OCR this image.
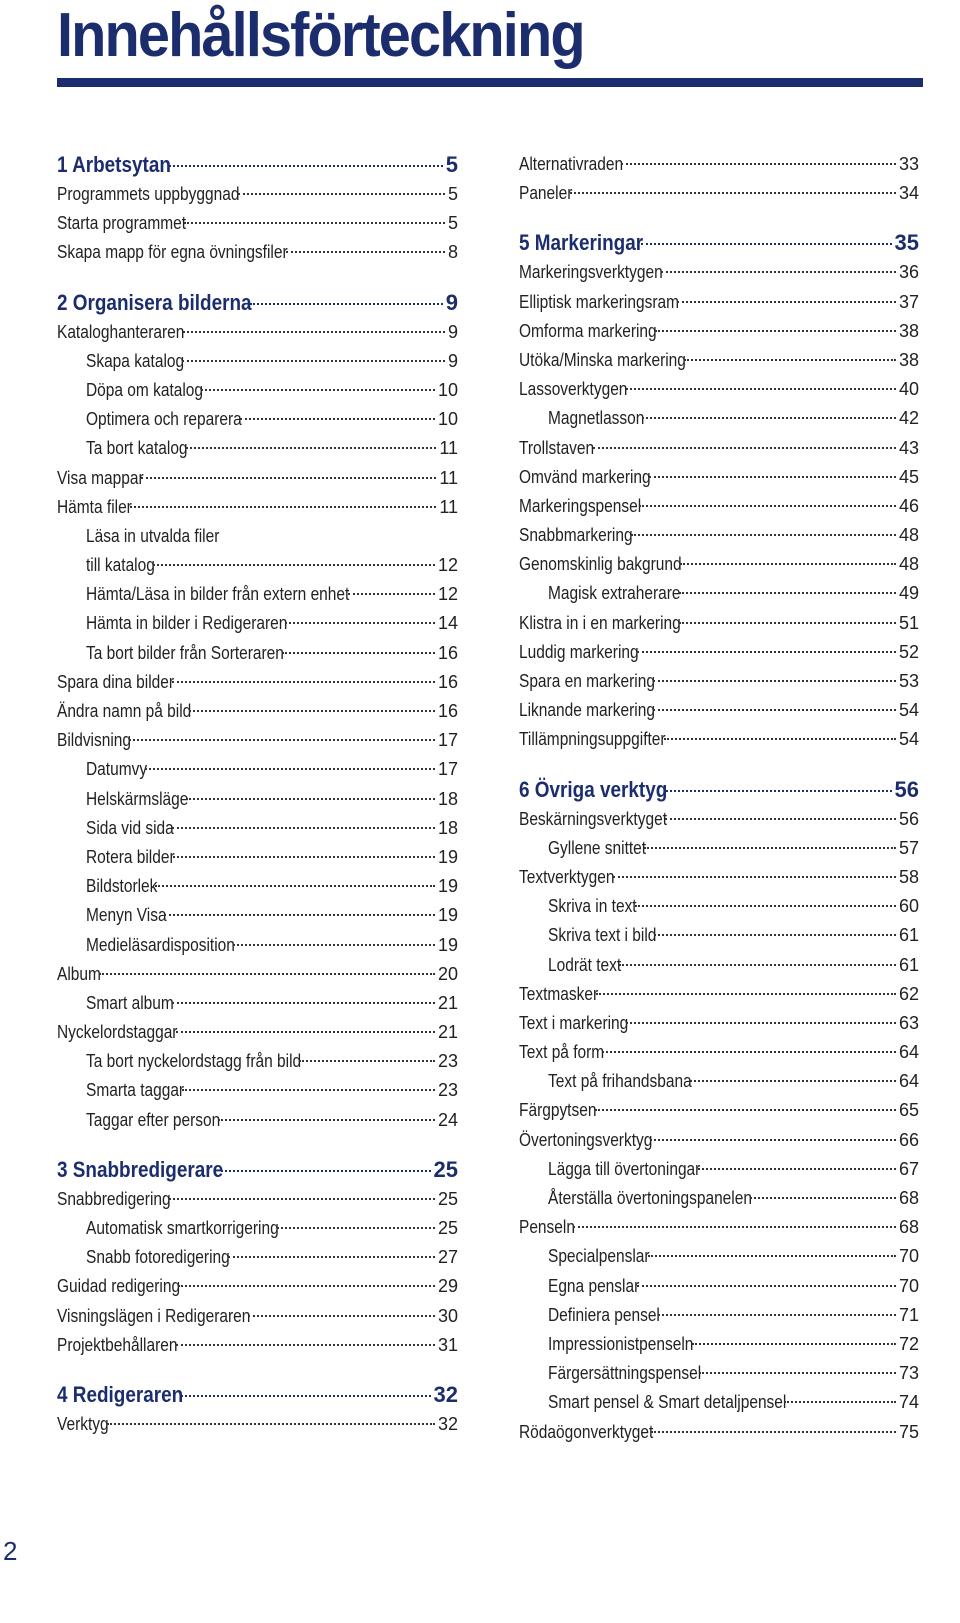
Innehållsförteckning
1 Arbetsytan	5
Programmets uppbyggnad	5
Starta programmet	5
Skapa mapp för egna övningsfiler	8
2 Organisera bilderna	9
Kataloghanteraren	9
Skapa katalog	9
Döpa om katalog	10
Optimera och reparera	10
Ta bort katalog	11
Visa mappar	11
Hämta filer	11
Läsa in utvalda filer
till katalog	12
Hämta/Läsa in bilder från extern enhet	12
Hämta in bilder i Redigeraren	14
Ta bort bilder från Sorteraren	16
Spara dina bilder	16
Ändra namn på bild	16
Bildvisning	17
Datumvy	17
Helskärmsläge	18
Sida vid sida	18
Rotera bilder	19
Bildstorlek	19
Menyn Visa	19
Medieläsardisposition	19
Album	20
Smart album	21
Nyckelordstaggar	21
Ta bort nyckelordstagg från bild	23
Smarta taggar	23
Taggar efter person	24
3 Snabbredigerare	25
Snabbredigering	25
Automatisk smartkorrigering	25
Snabb fotoredigering	27
Guidad redigering	29
Visningslägen i Redigeraren	30
Projektbehållaren	31
4 Redigeraren	32
Verktyg	32
Alternativraden	33
Paneler	34
5 Markeringar	35
Markeringsverktygen	36
Elliptisk markeringsram	37
Omforma markering	38
Utöka/Minska markering	38
Lassoverktygen	40
Magnetlasson	42
Trollstaven	43
Omvänd markering	45
Markeringspensel	46
Snabbmarkering	48
Genomskinlig bakgrund	48
Magisk extraherare	49
Klistra in i en markering	51
Luddig markering	52
Spara en markering	53
Liknande markering	54
Tillämpningsuppgifter	54
6 Övriga verktyg	56
Beskärningsverktyget	56
Gyllene snittet	57
Textverktygen	58
Skriva in text	60
Skriva text i bild	61
Lodrät text	61
Textmasker	62
Text i markering	63
Text på form	64
Text på frihandsbana	64
Färgpytsen	65
Övertoningsverktyg	66
Lägga till övertoningar	67
Återställa övertoningspanelen	68
Penseln	68
Specialpenslar	70
Egna penslar	70
Definiera pensel	71
Impressionistpenseln	72
Färgersättningspensel	73
Smart pensel & Smart detaljpensel	74
Rödaögonverktyget	75
2
